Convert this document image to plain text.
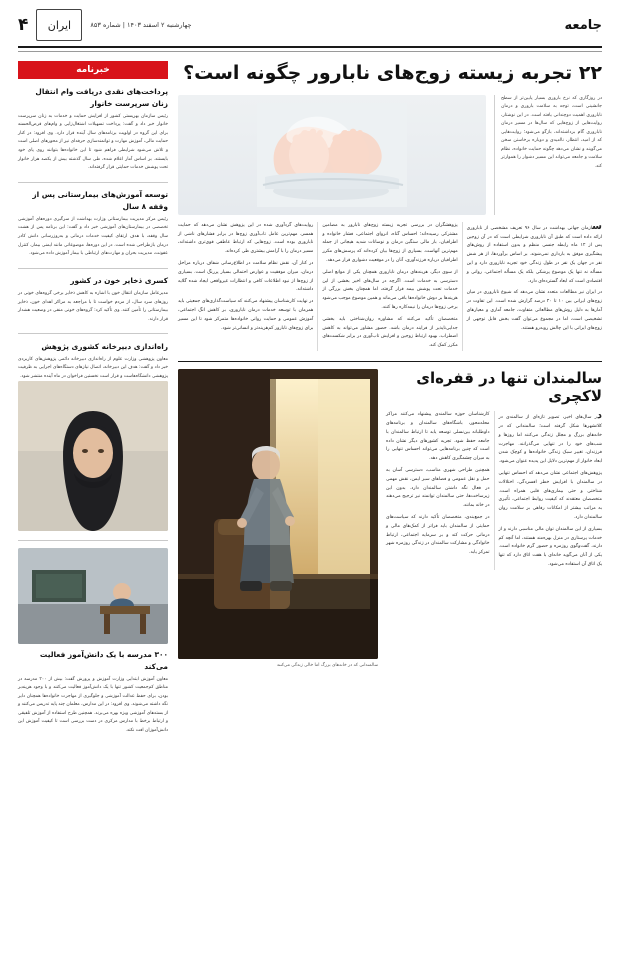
جامعه
چهارشنبه ۲ اسفند ۱۴۰۳ | شماره ۸۵۳
ایران
۴
۲۲ تجربه زیسته زوج‌های نابارور چگونه است؟
در روزگاری که نرخ باروری بسیار پایین‌تر از سطح جانشینی است، توجه به سلامت باروری و درمان ناباروری اهمیت دوچندانی یافته است. در این نوشتار، روایت‌هایی از زوج‌هایی که سال‌ها در مسیر درمان ناباروری گام برداشته‌اند، بازگو می‌شود؛ روایت‌هایی که از امید، انتظار، ناامیدی و دوباره برخاستن سخن می‌گویند و نشان می‌دهد چگونه حمایت خانواده، نظام سلامت و جامعه می‌تواند این مسیر دشوار را هموارتر کند.

سازمان جهانی بهداشت در سال ۹۶ تعریف مشخصی از ناباروری ارائه داده است که طبق آن ناباروری شرایطی است که در آن زوجین پس از ۱۲ ماه رابطه جنسی منظم و بدون استفاده از روش‌های پیشگیری موفق به بارداری نمی‌شوند. بر اساس برآوردها، از هر شش نفر در جهان یک نفر در طول زندگی خود تجربه ناباروری دارد و این مسأله نه تنها یک موضوع پزشکی بلکه یک مسأله اجتماعی، روانی و اقتصادی است که ابعاد گسترده‌ای دارد.

در ایران نیز مطالعات متعدد نشان می‌دهد که شیوع ناباروری در میان زوج‌های ایرانی بین ۱۰ تا ۲۰ درصد گزارش شده است. این تفاوت در آمارها به دلیل روش‌های مطالعاتی متفاوت، جامعه آماری و معیارهای تشخیصی است، اما در مجموع می‌توان گفت بخش قابل توجهی از زوج‌های ایرانی با این چالش روبه‌رو هستند.

پژوهشگران در بررسی تجربه زیسته زوج‌های نابارور به مضامین مشترکی رسیده‌اند؛ احساس گناه، انزوای اجتماعی، فشار خانواده و اطرافیان، بار مالی سنگین درمان و نوسانات شدید هیجانی از جمله مهم‌ترین آنهاست. بسیاری از زوج‌ها بیان کرده‌اند که پرسش‌های مکرر اطرافیان درباره فرزندآوری، آنان را در موقعیت دشواری قرار می‌دهد.

از سوی دیگر، هزینه‌های درمان ناباروری همچنان یکی از موانع اصلی دسترسی به خدمات است. اگرچه در سال‌های اخیر بخشی از این خدمات تحت پوشش بیمه قرار گرفته، اما همچنان بخش بزرگی از هزینه‌ها بر دوش خانواده‌ها باقی می‌ماند و همین موضوع موجب می‌شود برخی زوج‌ها درمان را نیمه‌کاره رها کنند.

متخصصان تأکید می‌کنند که مشاوره روان‌شناختی باید بخشی جدایی‌ناپذیر از فرایند درمان باشد. حضور مشاور می‌تواند به کاهش اضطراب، بهبود ارتباط زوجین و افزایش تاب‌آوری در برابر شکست‌های مکرر کمک کند.

روایت‌های گردآوری شده در این پژوهش نشان می‌دهد که حمایت همسر، مهم‌ترین عامل تاب‌آوری زوج‌ها در برابر فشارهای ناشی از ناباروری بوده است. زوج‌هایی که ارتباط عاطفی قوی‌تری داشته‌اند، مسیر درمان را با آرامش بیشتری طی کرده‌اند.

در کنار آن، نقش نظام سلامت در اطلاع‌رسانی شفاف درباره مراحل درمان، میزان موفقیت و عوارض احتمالی بسیار پررنگ است. بسیاری از زوج‌ها از نبود اطلاعات کافی و انتظارات غیرواقعی ایجاد شده گلایه داشته‌اند.

در نهایت کارشناسان پیشنهاد می‌کنند که سیاست‌گذاری‌های جمعیتی باید همزمان با توسعه خدمات درمان ناباروری، بر کاهش انگ اجتماعی، آموزش عمومی و حمایت روانی خانواده‌ها متمرکز شود تا این مسیر برای زوج‌های نابارور کم‌هزینه‌تر و انسانی‌تر شود.

سالمندان تنها در قفره‌ای لاکچری

در سال‌های اخیر، تصویر تازه‌ای از سالمندی در کلانشهرها شکل گرفته است؛ سالمندانی که در خانه‌های بزرگ و مجلل زندگی می‌کنند اما روزها و شب‌های خود را در تنهایی می‌گذرانند. مهاجرت فرزندان، تغییر سبک زندگی خانواده‌ها و کوچک شدن ابعاد خانوار از مهم‌ترین دلایل این پدیده عنوان می‌شود.

پژوهش‌های اجتماعی نشان می‌دهد که احساس تنهایی در سالمندان با افزایش خطر افسردگی، اختلالات شناختی و حتی بیماری‌های قلبی همراه است. متخصصان معتقدند که کیفیت روابط اجتماعی، تأثیری به مراتب بیشتر از امکانات رفاهی بر سلامت روان سالمندان دارد.

بسیاری از این سالمندان توان مالی مناسبی دارند و از خدمات پرستاری در منزل بهره‌مند هستند، اما آنچه کم دارند، گفت‌وگوی روزمره و حضور گرم خانواده است. یکی از آنان می‌گوید خانه‌ای با هفت اتاق دارد که تنها یک اتاق آن استفاده می‌شود.

کارشناسان حوزه سالمندی پیشنهاد می‌کنند مراکز محله‌محور، باشگاه‌های سالمندان و برنامه‌های داوطلبانه بین‌نسلی توسعه یابد تا ارتباط سالمندان با جامعه حفظ شود. تجربه کشورهای دیگر نشان داده است که چنین برنامه‌هایی می‌تواند احساس تنهایی را به میزان چشمگیری کاهش دهد.

همچنین طراحی شهری مناسب، دسترسی آسان به حمل و نقل عمومی و فضاهای سبز ایمن، نقش مهمی در فعال نگه داشتن سالمندان دارد. بدون این زیرساخت‌ها، حتی سالمندان توانمند نیز ترجیح می‌دهند در خانه بمانند.

در جمع‌بندی، متخصصان تأکید دارند که سیاست‌های حمایتی از سالمندان باید فراتر از کمک‌های مالی و درمانی حرکت کند و بر سرمایه اجتماعی، ارتباط خانوادگی و مشارکت سالمندان در زندگی روزمره شهر تمرکز یابد.

سالمندانی که در خانه‌های بزرگ اما خالی زندگی می‌کنند
خبرنامه
پرداخت‌های نقدی دریافت وام انتقال زنان سرپرست خانوار
رئیس سازمان بهزیستی کشور از افزایش حمایت و خدمات به زنان سرپرست خانوار خبر داد و گفت: پرداخت تسهیلات اشتغال‌زایی و وام‌های قرض‌الحسنه برای این گروه در اولویت برنامه‌های سال آینده قرار دارد. وی افزود: در کنار حمایت مالی، آموزش مهارت و توانمندسازی حرفه‌ای نیز از محورهای اصلی است و تلاش می‌شود شرایطی فراهم شود تا این خانواده‌ها بتوانند روی پای خود بایستند. بر اساس آمار اعلام شده، طی سال گذشته بیش از یکصد هزار خانوار تحت پوشش خدمات حمایتی قرار گرفته‌اند.
توسعه آموزش‌های بیمارستانی پس از وقفه ۸ سال
رئیس مرکز مدیریت بیمارستانی وزارت بهداشت از سرگیری دوره‌های آموزشی تخصصی در بیمارستان‌های آموزشی خبر داد و گفت: این برنامه پس از هشت سال وقفه، با هدف ارتقای کیفیت خدمات درمانی و به‌روزرسانی دانش کادر درمان بازطراحی شده است. در این دوره‌ها، موضوعاتی مانند ایمنی بیمار، کنترل عفونت، مدیریت بحران و مهارت‌های ارتباطی با بیمار آموزش داده می‌شود.
کسری ذخایر خون در کشور
مدیرعامل سازمان انتقال خون با اشاره به کاهش ذخایر برخی گروه‌های خونی در روزهای سرد سال، از مردم خواست تا با مراجعه به مراکز اهدای خون، ذخایر بیمارستانی را تأمین کنند. وی تأکید کرد: گروه‌های خونی منفی در وضعیت هشدار قرار دارند.
راه‌اندازی دبیرخانه کشوری پژوهش
معاون پژوهشی وزارت علوم از راه‌اندازی دبیرخانه دائمی پژوهش‌های کاربردی خبر داد و گفت: هدف این دبیرخانه، اتصال نیازهای دستگاه‌های اجرایی به ظرفیت پژوهشی دانشگاه‌هاست و قرار است نخستین فراخوان در ماه آینده منتشر شود.
۳۰۰ مدرسه با یک دانش‌آموز فعالیت می‌کند
معاون آموزش ابتدایی وزارت آموزش و پرورش گفت: بیش از ۳۰۰ مدرسه در مناطق کم‌جمعیت کشور تنها با یک دانش‌آموز فعالیت می‌کنند و با وجود هزینه‌بر بودن، برای حفظ عدالت آموزشی و جلوگیری از مهاجرت خانواده‌ها همچنان دایر نگه داشته می‌شوند. وی افزود: در این مدارس، معلمان چند پایه تدریس می‌کنند و از بسته‌های آموزشی ویژه بهره می‌برند. همچنین طرح استفاده از آموزش تلفیقی و ارتباط برخط با مدارس مرکزی در دست بررسی است تا کیفیت آموزش این دانش‌آموزان افت نکند.
